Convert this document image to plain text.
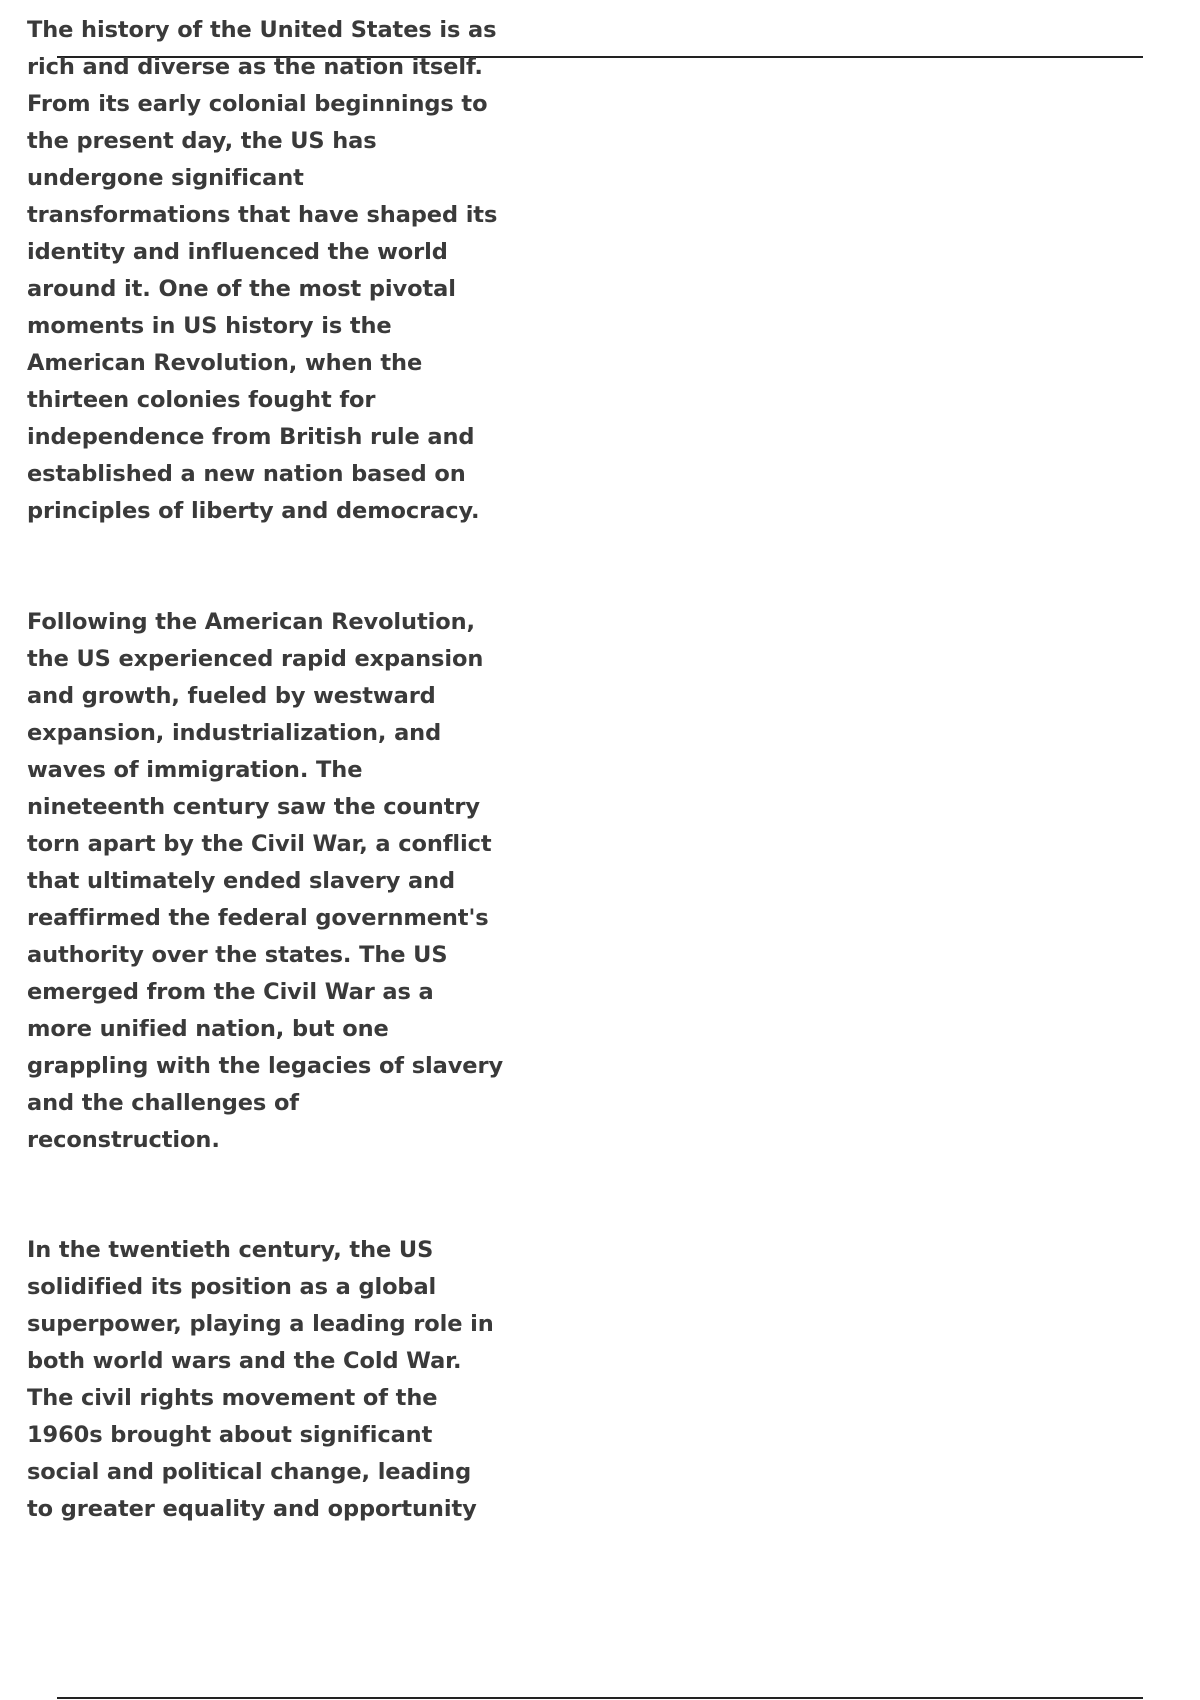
The history of the United States is as
rich and diverse as the nation itself.
From its early colonial beginnings to
the present day, the US has
undergone significant
transformations that have shaped its
identity and influenced the world
around it. One of the most pivotal
moments in US history is the
American Revolution, when the
thirteen colonies fought for
independence from British rule and
established a new nation based on
principles of liberty and democracy.
Following the American Revolution,
the US experienced rapid expansion
and growth, fueled by westward
expansion, industrialization, and
waves of immigration. The
nineteenth century saw the country
torn apart by the Civil War, a conflict
that ultimately ended slavery and
reaffirmed the federal government's
authority over the states. The US
emerged from the Civil War as a
more unified nation, but one
grappling with the legacies of slavery
and the challenges of
reconstruction.
In the twentieth century, the US
solidified its position as a global
superpower, playing a leading role in
both world wars and the Cold War.
The civil rights movement of the
1960s brought about significant
social and political change, leading
to greater equality and opportunity
